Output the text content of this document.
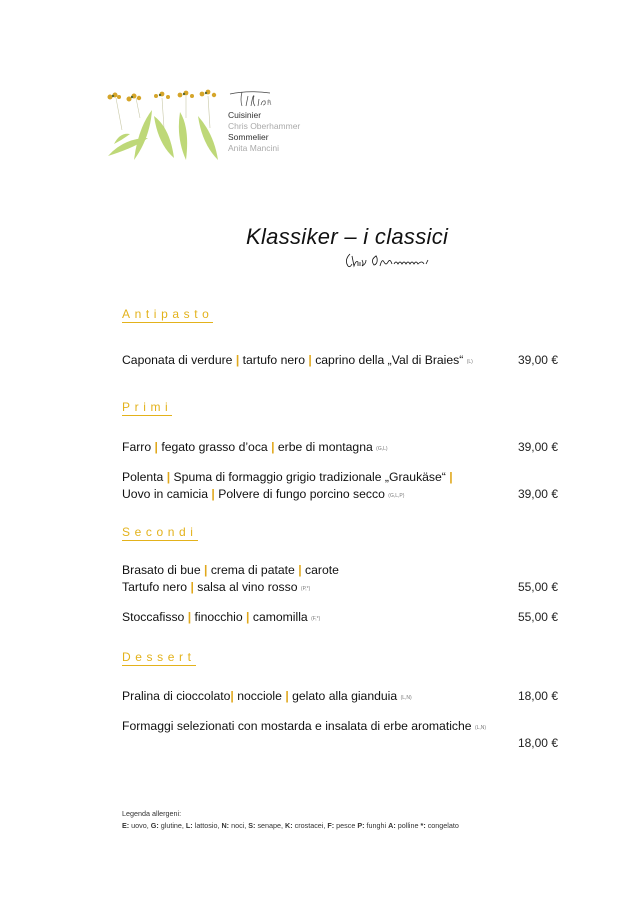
Cuisinier
Chris Oberhammer
Sommelier
Anita Mancini
Klassiker – i classici
Antipasto
Caponata di verdure | tartufo nero | caprino della „Val di Braies“ (L)	39,00 €
Primi
Farro | fegato grasso d’oca | erbe di montagna (G,L)	39,00 €
Polenta | Spuma di formaggio grigio tradizionale „Graukäse“ |
Uovo in camicia | Polvere di fungo porcino secco (G,L,P)	39,00 €
Secondi
Brasato di bue | crema di patate | carote
Tartufo nero | salsa al vino rosso (P,*)	55,00 €
Stoccafisso | finocchio | camomilla (F,*)	55,00 €
Dessert
Pralina di cioccolato| nocciole | gelato alla gianduia (L,N)	18,00 €
Formaggi selezionati con mostarda e insalata di erbe aromatiche (L,N)
18,00 €
Legenda allergeni:
E: uovo, G: glutine, L: lattosio, N: noci, S: senape, K: crostacei, F: pesce P: funghi A: polline *: congelato
